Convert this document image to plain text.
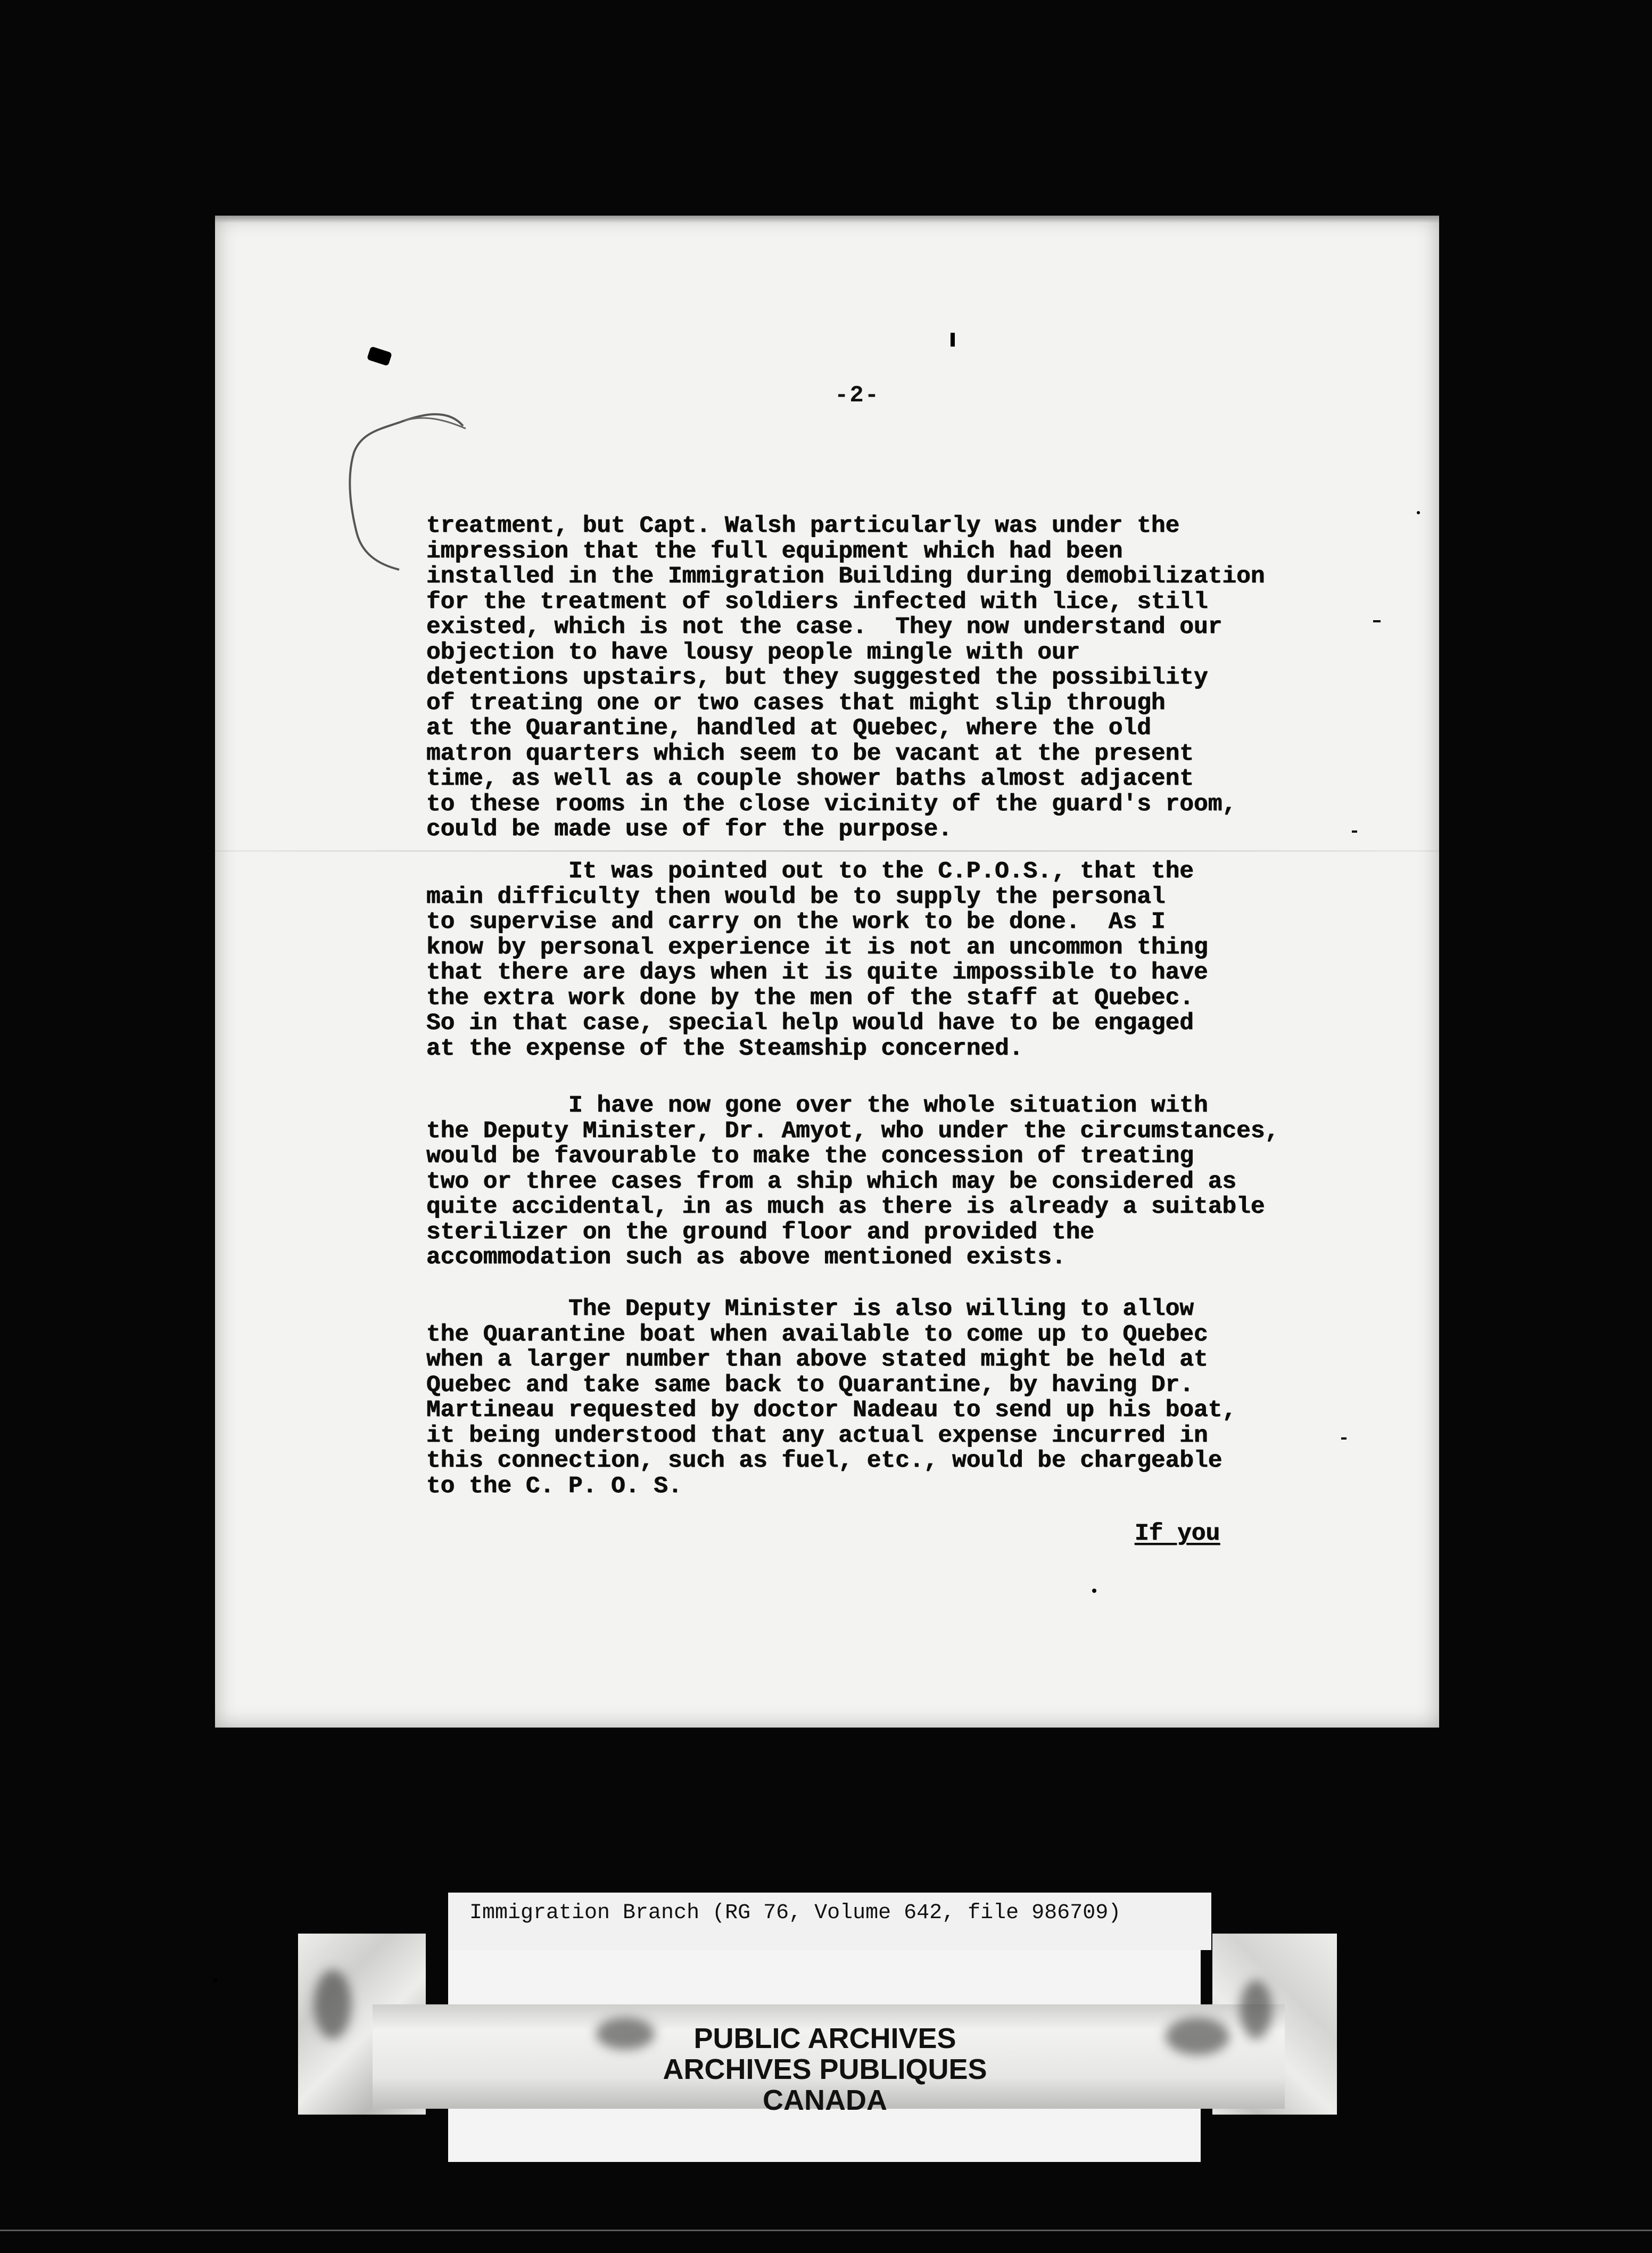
-2-
treatment, but Capt. Walsh particularly was under the
impression that the full equipment which had been
installed in the Immigration Building during demobilization
for the treatment of soldiers infected with lice, still
existed, which is not the case.  They now understand our
objection to have lousy people mingle with our
detentions upstairs, but they suggested the possibility
of treating one or two cases that might slip through
at the Quarantine, handled at Quebec, where the old
matron quarters which seem to be vacant at the present
time, as well as a couple shower baths almost adjacent
to these rooms in the close vicinity of the guard's room,
could be made use of for the purpose.
It was pointed out to the C.P.O.S., that the
main difficulty then would be to supply the personal
to supervise and carry on the work to be done.  As I
know by personal experience it is not an uncommon thing
that there are days when it is quite impossible to have
the extra work done by the men of the staff at Quebec.
So in that case, special help would have to be engaged
at the expense of the Steamship concerned.
I have now gone over the whole situation with
the Deputy Minister, Dr. Amyot, who under the circumstances,
would be favourable to make the concession of treating
two or three cases from a ship which may be considered as
quite accidental, in as much as there is already a suitable
sterilizer on the ground floor and provided the
accommodation such as above mentioned exists.
The Deputy Minister is also willing to allow
the Quarantine boat when available to come up to Quebec
when a larger number than above stated might be held at
Quebec and take same back to Quarantine, by having Dr.
Martineau requested by doctor Nadeau to send up his boat,
it being understood that any actual expense incurred in
this connection, such as fuel, etc., would be chargeable
to the C. P. O. S.
If you
Immigration Branch (RG 76, Volume 642, file 986709)
PUBLIC ARCHIVES
ARCHIVES PUBLIQUES
CANADA
